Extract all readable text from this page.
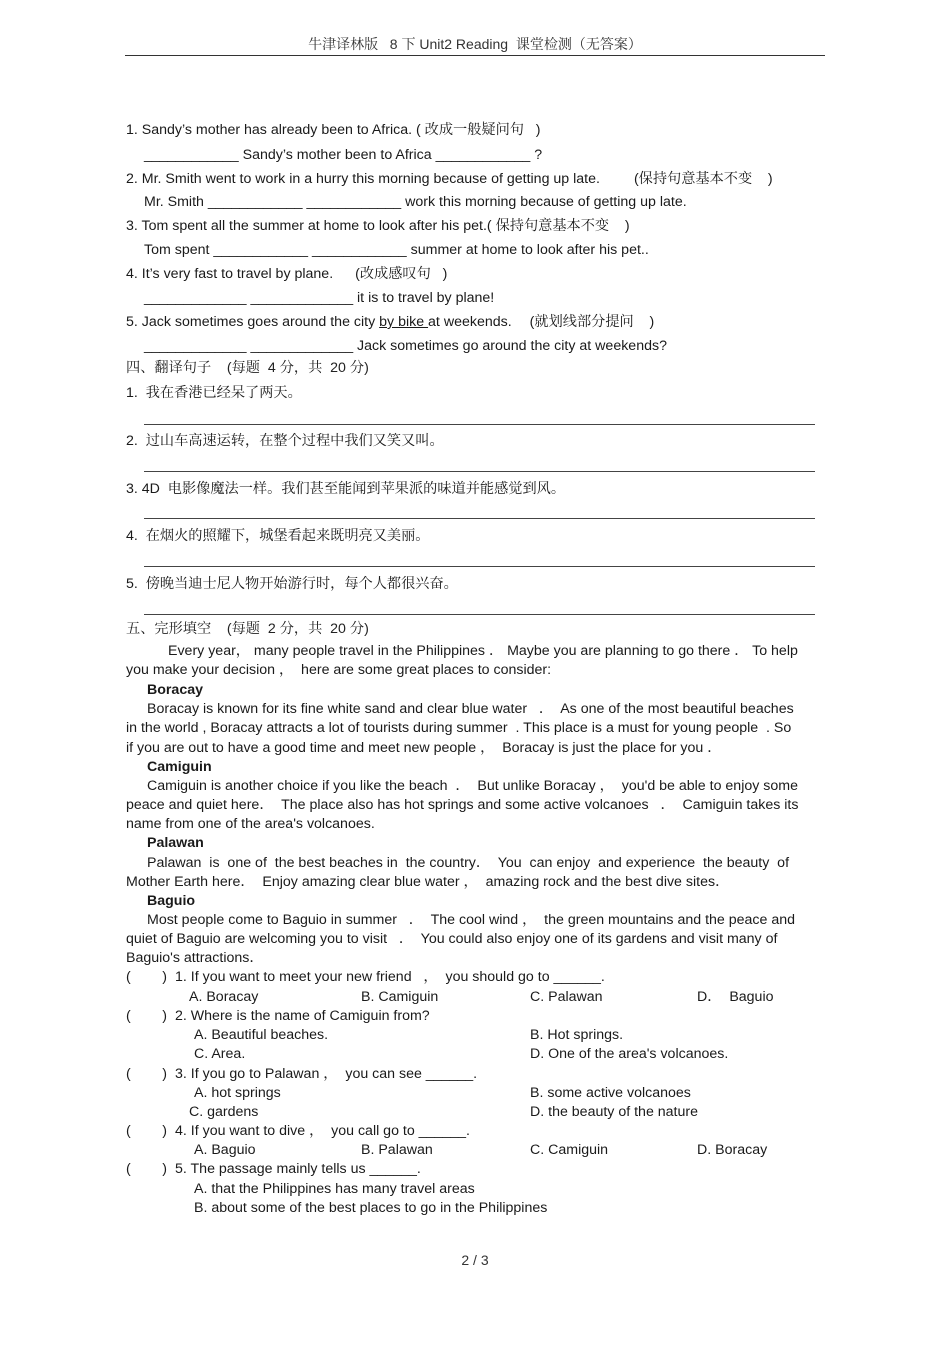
牛津译林版   8 下 Unit2 Reading  课堂检测（无答案）
1. Sandy’s mother has already been to Africa. ( 改成一般疑问句   )
____________ Sandy’s mother been to Africa ____________ ?
2. Mr. Smith went to work in a hurry this morning because of getting up late. (保持句意基本不变    )
Mr. Smith ____________ ____________ work this morning because of getting up late.
3. Tom spent all the summer at home to look after his pet.( 保持句意基本不变    )
Tom spent ____________ ____________ summer at home to look after his pet..
4. It’s very fast to travel by plane. (改成感叹句   )
_____________ _____________ it is to travel by plane!
5. Jack sometimes goes around the city by bike at weekends. (就划线部分提问    )
_____________ _____________ Jack sometimes go around the city at weekends?
四、翻译句子    (每题  4 分，共  20 分)
1.  我在香港已经呆了两天。
2.  过山车高速运转，在整个过程中我们又笑又叫。
3. 4D  电影像魔法一样。我们甚至能闻到苹果派的味道并能感觉到风。
4.  在烟火的照耀下，城堡看起来既明亮又美丽。
5.  傍晚当迪士尼人物开始游行时，每个人都很兴奋。
五、完形填空    (每题  2 分，共  20 分)
Every year， many people travel in the Philippines ． Maybe you are planning to go there ． To help
you make your decision ，  here are some great places to consider:
Boracay
Boracay is known for its fine white sand and clear blue water   ．  As one of the most beautiful beaches
in the world , Boracay attracts a lot of tourists during summer  . This place is a must for young people  . So
if you are out to have a good time and meet new people ，  Boracay is just the place for you ．
Camiguin
Camiguin is another choice if you like the beach  ．  But unlike Boracay ，  you'd be able to enjoy some
peace and quiet here．  The place also has hot springs and some active volcanoes   ．  Camiguin takes its
name from one of the area's volcanoes.
Palawan
Palawan  is  one of  the best beaches in  the country．  You  can enjoy  and experience  the beauty  of
Mother Earth here．  Enjoy amazing clear blue water ，  amazing rock and the best dive sites．
Baguio
Most people come to Baguio in summer   ．  The cool wind ，  the green mountains and the peace and
quiet of Baguio are welcoming you to visit   ．  You could also enjoy one of its gardens and visit many of
Baguio's attractions．
(        ) 1. If you want to meet your new friend   ，  you should go to ______.
A. Boracay	B. Camiguin	C. Palawan	D．  Baguio
(        ) 2. Where is the name of Camiguin from?
A. Beautiful beaches.	B. Hot springs.
C. Area.	D. One of the area's volcanoes.
(        ) 3. If you go to Palawan ，  you can see ______.
A. hot springs	B. some active volcanoes
C. gardens	D. the beauty of the nature
(        ) 4. If you want to dive ，  you call go to ______.
A. Baguio	B. Palawan	C. Camiguin	D. Boracay
(        ) 5. The passage mainly tells us ______.
A. that the Philippines has many travel areas
B. about some of the best places to go in the Philippines
2 / 3
